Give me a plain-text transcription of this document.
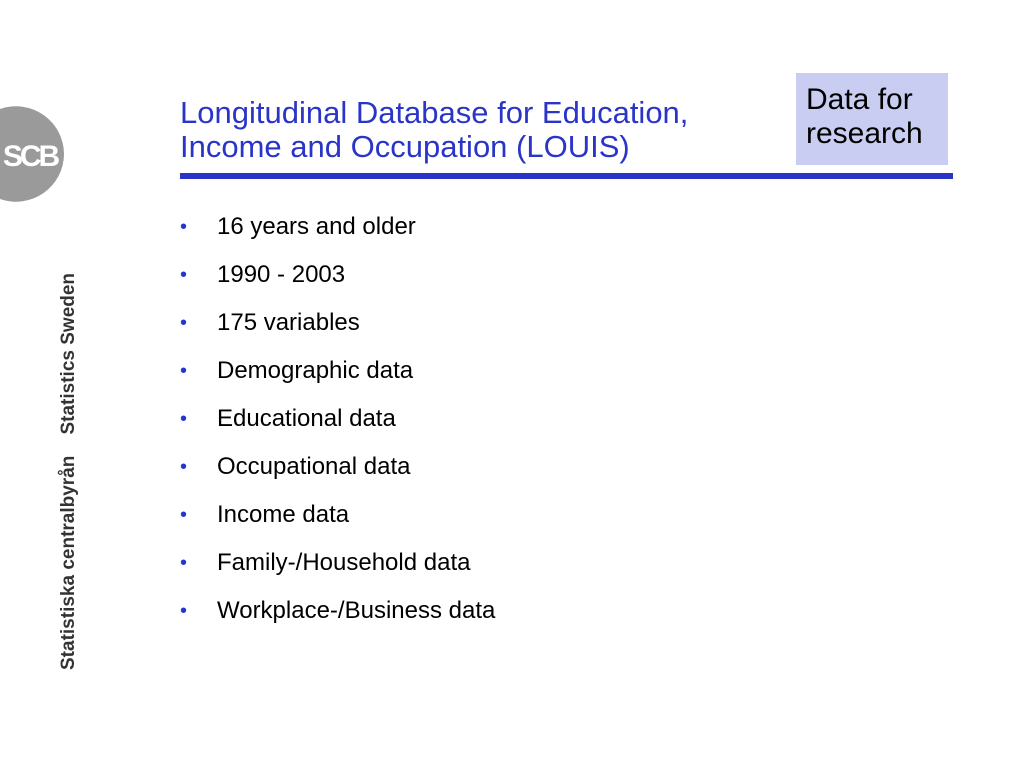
SCB
Statistiska centralbyrån    Statistics Sweden
Longitudinal Database for Education,
Income and Occupation (LOUIS)
Data for
research
• 16 years and older
• 1990 - 2003
• 175 variables
• Demographic data
• Educational data
• Occupational data
• Income data
• Family-/Household data
• Workplace-/Business data
